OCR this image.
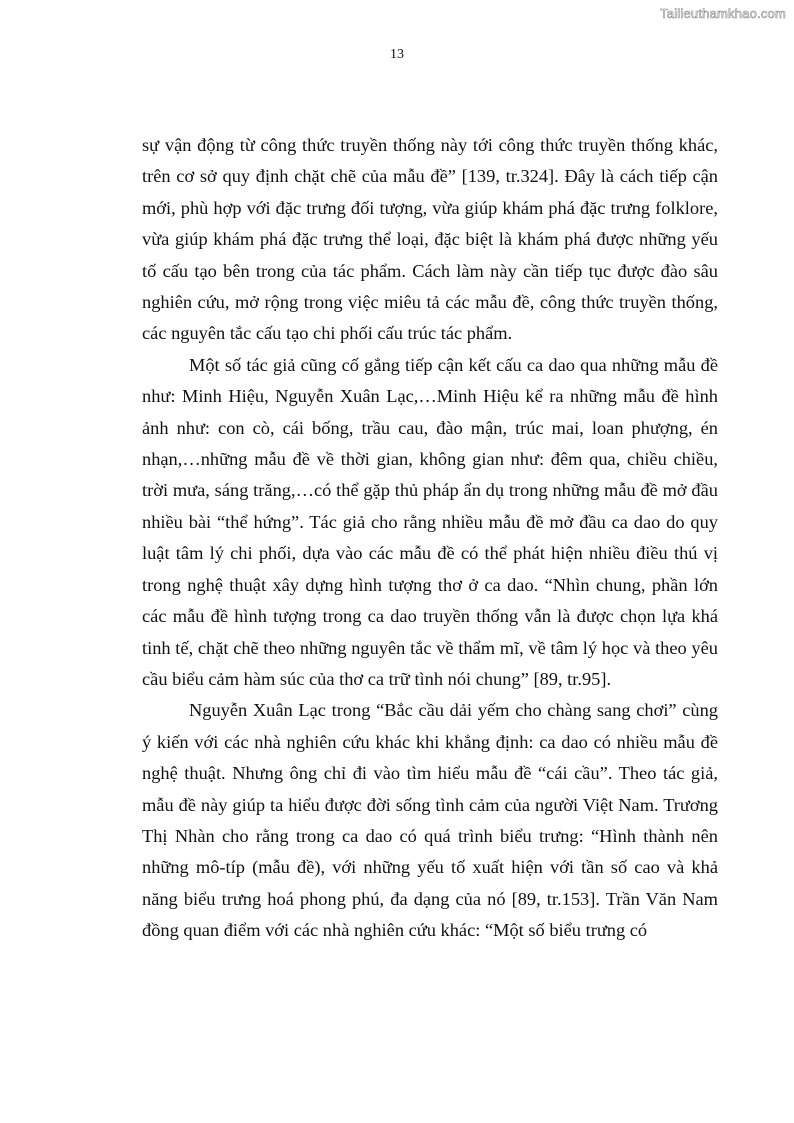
Tailieuthamkhao.com
13

sự vận động từ công thức truyền thống này tới công thức truyền thống khác, trên cơ sở quy định chặt chẽ của mẫu đề” [139, tr.324]. Đây là cách tiếp cận mới, phù hợp với đặc trưng đối tượng, vừa giúp khám phá đặc trưng folklore, vừa giúp khám phá đặc trưng thể loại, đặc biệt là khám phá được những yếu tố cấu tạo bên trong của tác phẩm. Cách làm này cần tiếp tục được đào sâu nghiên cứu, mở rộng trong việc miêu tả các mẫu đề, công thức truyền thống, các nguyên tắc cấu tạo chi phối cấu trúc tác phẩm.

Một số tác giả cũng cố gắng tiếp cận kết cấu ca dao qua những mẫu đề như: Minh Hiệu, Nguyễn Xuân Lạc,…Minh Hiệu kể ra những mẫu đề hình ảnh như: con cò, cái bống, trầu cau, đào mận, trúc mai, loan phượng, én nhạn,…những mẫu đề về thời gian, không gian như: đêm qua, chiều chiều, trời mưa, sáng trăng,…có thể gặp thủ pháp ẩn dụ trong những mẫu đề mở đầu nhiều bài “thể hứng”. Tác giả cho rằng nhiều mẫu đề mở đầu ca dao do quy luật tâm lý chi phối, dựa vào các mẫu đề có thể phát hiện nhiều điều thú vị trong nghệ thuật xây dựng hình tượng thơ ở ca dao. “Nhìn chung, phần lớn các mẫu đề hình tượng trong ca dao truyền thống vẫn là được chọn lựa khá tinh tế, chặt chẽ theo những nguyên tắc về thẩm mĩ, về tâm lý học và theo yêu cầu biểu cảm hàm súc của thơ ca trữ tình nói chung” [89, tr.95].

Nguyễn Xuân Lạc trong “Bắc cầu dải yếm cho chàng sang chơi” cùng ý kiến với các nhà nghiên cứu khác khi khẳng định: ca dao có nhiều mẫu đề nghệ thuật. Nhưng ông chỉ đi vào tìm hiểu mẫu đề “cái cầu”. Theo tác giả, mẫu đề này giúp ta hiểu được đời sống tình cảm của người Việt Nam. Trương Thị Nhàn cho rằng trong ca dao có quá trình biểu trưng: “Hình thành nên những mô-típ (mẫu đề), với những yếu tố xuất hiện với tần số cao và khả năng biểu trưng hoá phong phú, đa dạng của nó [89, tr.153]. Trần Văn Nam đồng quan điểm với các nhà nghiên cứu khác: “Một số biểu trưng có
